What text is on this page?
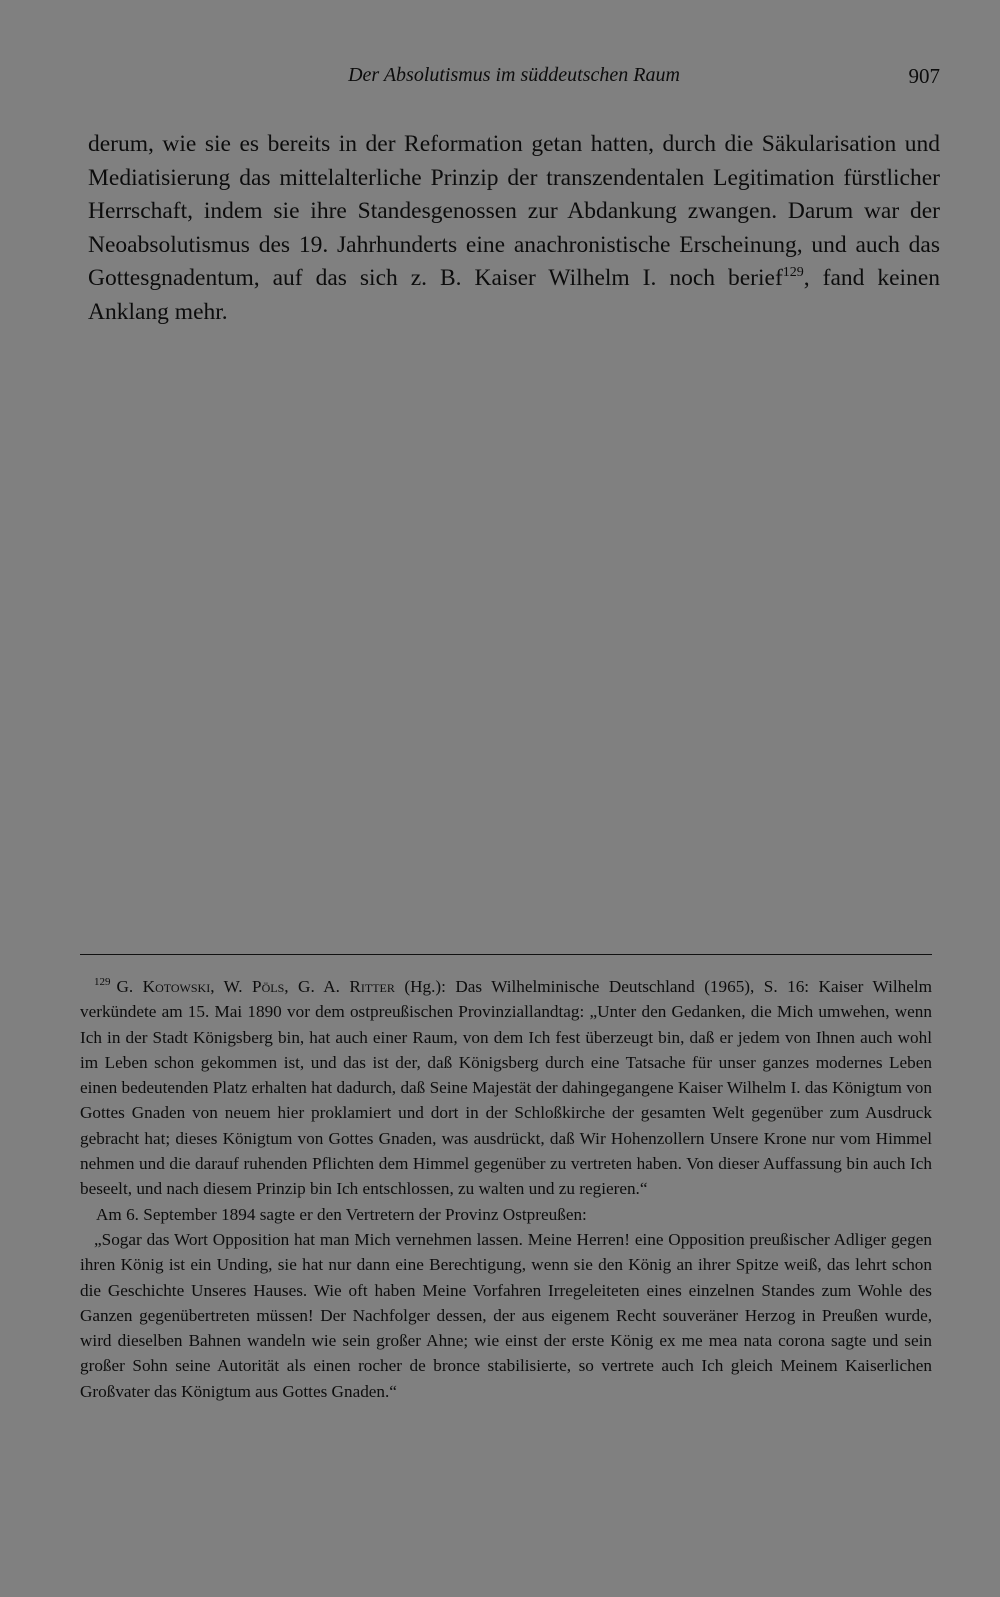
Der Absolutismus im süddeutschen Raum	907

derum, wie sie es bereits in der Reformation getan hatten, durch die Säkularisation und Mediatisierung das mittelalterliche Prinzip der transzendentalen Legitimation fürstlicher Herrschaft, indem sie ihre Standesgenossen zur Abdankung zwangen. Darum war der Neoabsolutismus des 19. Jahrhunderts eine anachronistische Erscheinung, und auch das Gottesgnadentum, auf das sich z. B. Kaiser Wilhelm I. noch berief$^{129}$, fand keinen Anklang mehr.

$^{129}$ G. Kotowski, W. Pöls, G. A. Ritter (Hg.): Das Wilhelminische Deutschland (1965), S. 16: Kaiser Wilhelm verkündete am 15. Mai 1890 vor dem ostpreußischen Provinziallandtag: „Unter den Gedanken, die Mich umwehen, wenn Ich in der Stadt Königsberg bin, hat auch einer Raum, von dem Ich fest überzeugt bin, daß er jedem von Ihnen auch wohl im Leben schon gekommen ist, und das ist der, daß Königsberg durch eine Tatsache für unser ganzes modernes Leben einen bedeutenden Platz erhalten hat dadurch, daß Seine Majestät der dahingegangene Kaiser Wilhelm I. das Königtum von Gottes Gnaden von neuem hier proklamiert und dort in der Schloßkirche der gesamten Welt gegenüber zum Ausdruck gebracht hat; dieses Königtum von Gottes Gnaden, was ausdrückt, daß Wir Hohenzollern Unsere Krone nur vom Himmel nehmen und die darauf ruhenden Pflichten dem Himmel gegenüber zu vertreten haben. Von dieser Auffassung bin auch Ich beseelt, und nach diesem Prinzip bin Ich entschlossen, zu walten und zu regieren.“

Am 6. September 1894 sagte er den Vertretern der Provinz Ostpreußen:

„Sogar das Wort Opposition hat man Mich vernehmen lassen. Meine Herren! eine Opposition preußischer Adliger gegen ihren König ist ein Unding, sie hat nur dann eine Berechtigung, wenn sie den König an ihrer Spitze weiß, das lehrt schon die Geschichte Unseres Hauses. Wie oft haben Meine Vorfahren Irregeleiteten eines einzelnen Standes zum Wohle des Ganzen gegenübertreten müssen! Der Nachfolger dessen, der aus eigenem Recht souveräner Herzog in Preußen wurde, wird dieselben Bahnen wandeln wie sein großer Ahne; wie einst der erste König ex me mea nata corona sagte und sein großer Sohn seine Autorität als einen rocher de bronce stabilisierte, so vertrete auch Ich gleich Meinem Kaiserlichen Großvater das Königtum aus Gottes Gnaden.“
